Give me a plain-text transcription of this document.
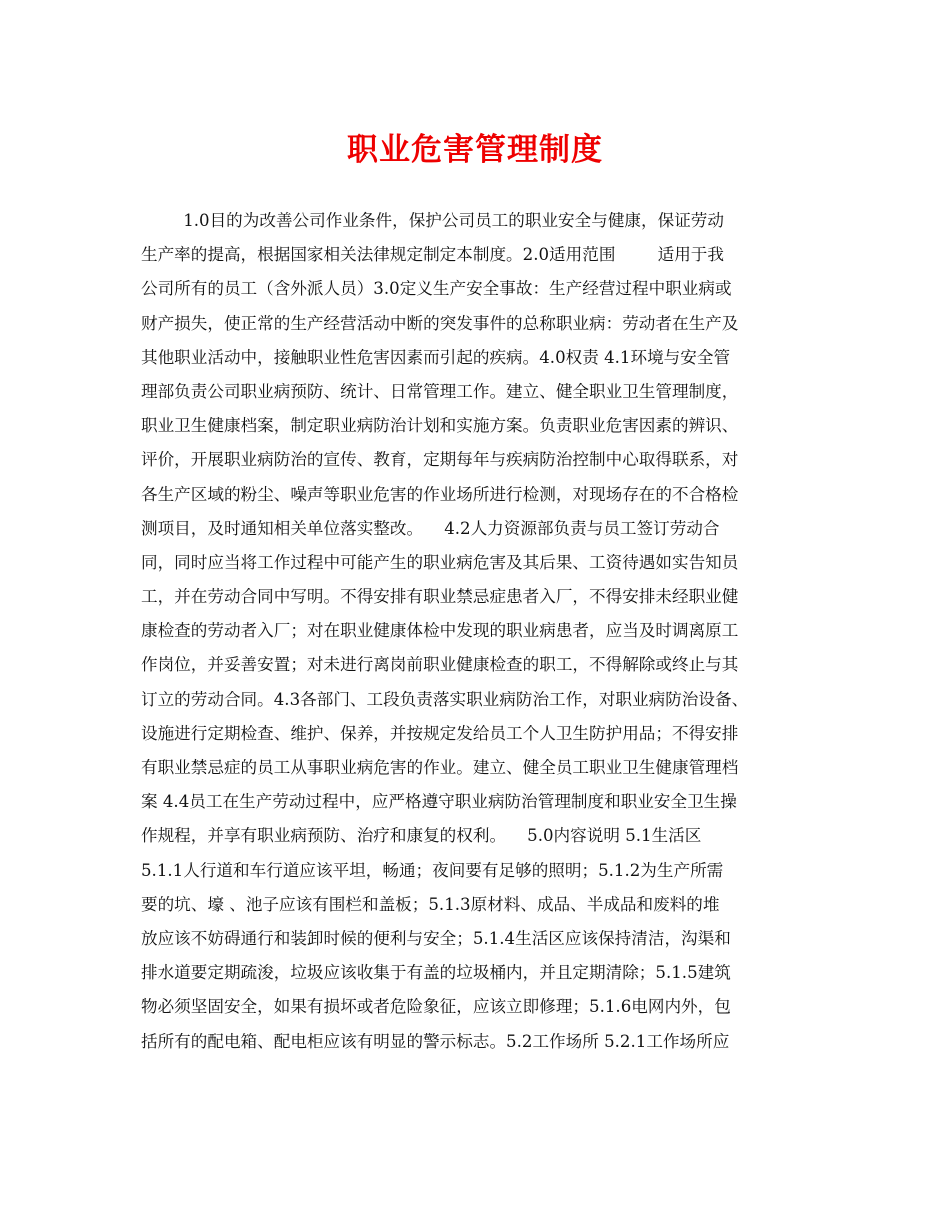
职业危害管理制度
1.0目的为改善公司作业条件，保护公司员工的职业安全与健康，保证劳动
生产率的提高，根据国家相关法律规定制定本制度。2.0适用范围        适用于我
公司所有的员工（含外派人员）3.0定义生产安全事故：生产经营过程中职业病或
财产损失，使正常的生产经营活动中断的突发事件的总称职业病：劳动者在生产及
其他职业活动中，接触职业性危害因素而引起的疾病。4.0权责 4.1环境与安全管
理部负责公司职业病预防、统计、日常管理工作。建立、健全职业卫生管理制度，
职业卫生健康档案，制定职业病防治计划和实施方案。负责职业危害因素的辨识、
评价，开展职业病防治的宣传、教育，定期每年与疾病防治控制中心取得联系，对
各生产区域的粉尘、噪声等职业危害的作业场所进行检测，对现场存在的不合格检
测项目，及时通知相关单位落实整改。    4.2人力资源部负责与员工签订劳动合
同，同时应当将工作过程中可能产生的职业病危害及其后果、工资待遇如实告知员
工，并在劳动合同中写明。不得安排有职业禁忌症患者入厂，不得安排未经职业健
康检查的劳动者入厂；对在职业健康体检中发现的职业病患者，应当及时调离原工
作岗位，并妥善安置；对未进行离岗前职业健康检查的职工，不得解除或终止与其
订立的劳动合同。4.3各部门、工段负责落实职业病防治工作，对职业病防治设备、
设施进行定期检查、维护、保养，并按规定发给员工个人卫生防护用品；不得安排
有职业禁忌症的员工从事职业病危害的作业。建立、健全员工职业卫生健康管理档
案 4.4员工在生产劳动过程中，应严格遵守职业病防治管理制度和职业安全卫生操
作规程，并享有职业病预防、治疗和康复的权利。    5.0内容说明 5.1生活区
5.1.1人行道和车行道应该平坦，畅通；夜间要有足够的照明；5.1.2为生产所需
要的坑、壕 、池子应该有围栏和盖板；5.1.3原材料、成品、半成品和废料的堆
放应该不妨碍通行和装卸时候的便利与安全；5.1.4生活区应该保持清洁，沟渠和
排水道要定期疏浚，垃圾应该收集于有盖的垃圾桶内，并且定期清除；5.1.5建筑
物必须坚固安全，如果有损坏或者危险象征，应该立即修理；5.1.6电网内外，包
括所有的配电箱、配电柜应该有明显的警示标志。5.2工作场所 5.2.1工作场所应
